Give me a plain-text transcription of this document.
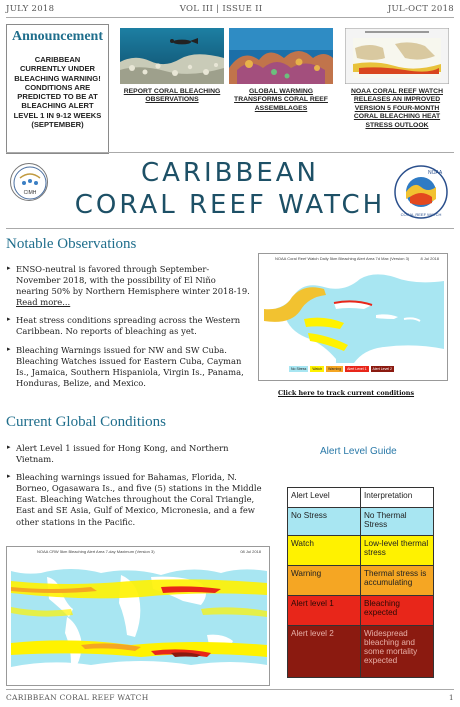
JULY 2018	VOL III | ISSUE II	JUL-OCT 2018
Announcement
CARIBBEAN CURRENTLY UNDER BLEACHING WARNING! CONDITIONS ARE PREDICTED TO BE AT BLEACHING ALERT LEVEL 1 IN 9-12 WEEKS (SEPTEMBER)
REPORT CORAL BLEACHING OBSERVATIONS
GLOBAL WARMING TRANSFORMS CORAL REEF ASSEMBLAGES
NOAA CORAL REEF WATCH RELEASES AN IMPROVED VERSION 5 FOUR-MONTH CORAL BLEACHING HEAT STRESS OUTLOOK
CARIBBEAN
CORAL REEF WATCH
CIMH
NOAA
CORAL REEF WATCH
Notable Observations
▸ ENSO-neutral is favored through September-November 2018, with the possibility of El Niño nearing 50% by Northern Hemisphere winter 2018-19. Read more...
▸ Heat stress conditions spreading across the Western Caribbean. No reports of bleaching as yet.
▸ Bleaching Warnings issued for NW and SW Cuba. Bleaching Watches issued for Eastern Cuba, Cayman Is., Jamaica, Southern Hispaniola, Virgin Is., Panama, Honduras, Belize, and Mexico.
NOAA Coral Reef Watch Daily 5km Bleaching Alert Area 7d Max (Version 3)	8 Jul 2018
No Stress	Watch	Warning	Alert Level 1	Alert Level 2
Click here to track current conditions
Current Global Conditions
▸ Alert Level 1 issued for Hong Kong, and Northern Vietnam.
▸ Bleaching warnings issued for Bahamas, Florida, N. Borneo, Ogasawara Is., and five (5) stations in the Middle East. Bleaching Watches throughout the Coral Triangle, East and SE Asia, Gulf of Mexico, Micronesia, and a few other stations in the Pacific.
NOAA CRW 5km Bleaching Alert Area 7-day Maximum (Version 3)	08 Jul 2018
Alert Level Guide
Alert Level	Interpretation
No Stress	No Thermal Stress
Watch	Low-level thermal stress
Warning	Thermal stress is accumulating
Alert level 1	Bleaching expected
Alert level 2	Widespread bleaching and some mortality expected
CARIBBEAN CORAL REEF WATCH	1
